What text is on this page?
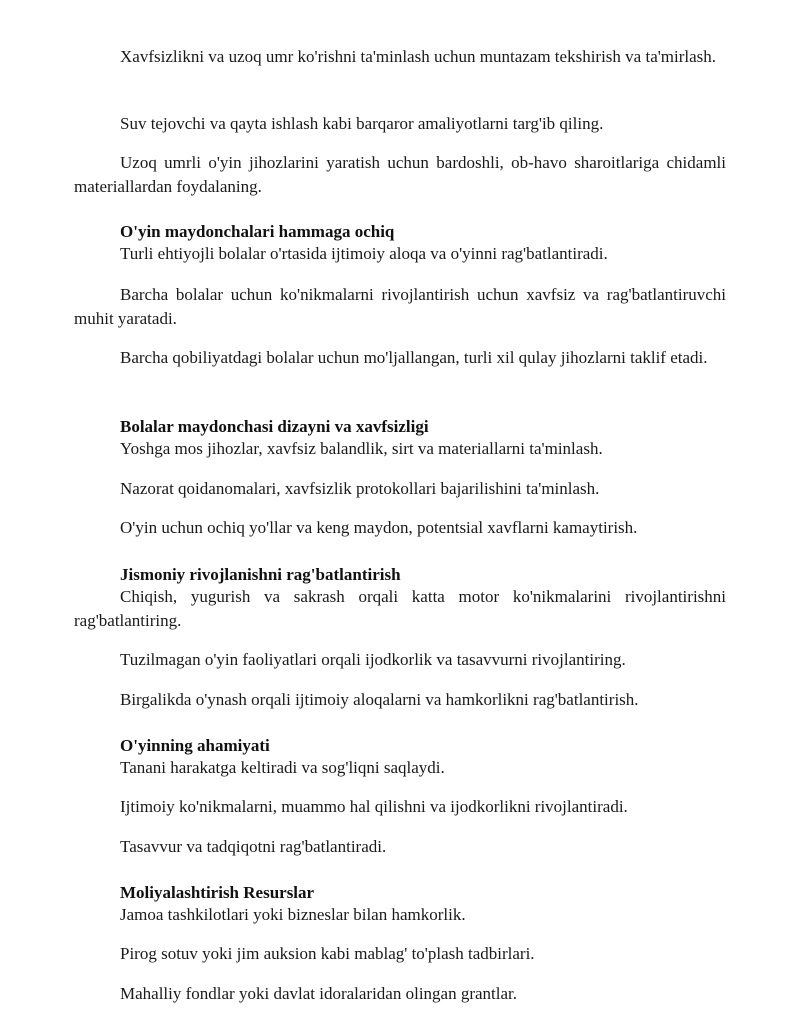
Xavfsizlikni va uzoq umr ko'rishni ta'minlash uchun muntazam tekshirish va ta'mirlash.

Suv tejovchi va qayta ishlash kabi barqaror amaliyotlarni targ'ib qiling.

Uzoq umrli o'yin jihozlarini yaratish uchun bardoshli, ob-havo sharoitlariga chidamli materiallardan foydalaning.

O'yin maydonchalari hammaga ochiq

Turli ehtiyojli bolalar o'rtasida ijtimoiy aloqa va o'yinni rag'batlantiradi.

Barcha bolalar uchun ko'nikmalarni rivojlantirish uchun xavfsiz va rag'batlantiruvchi muhit yaratadi.

Barcha qobiliyatdagi bolalar uchun mo'ljallangan, turli xil qulay jihozlarni taklif etadi.

Bolalar maydonchasi dizayni va xavfsizligi

Yoshga mos jihozlar, xavfsiz balandlik, sirt va materiallarni ta'minlash.

Nazorat qoidanomalari, xavfsizlik protokollari bajarilishini ta'minlash.

O'yin uchun ochiq yo'llar va keng maydon, potentsial xavflarni kamaytirish.

Jismoniy rivojlanishni rag'batlantirish

Chiqish, yugurish va sakrash orqali katta motor ko'nikmalarini rivojlantirishni rag'batlantiring.

Tuzilmagan o'yin faoliyatlari orqali ijodkorlik va tasavvurni rivojlantiring.

Birgalikda o'ynash orqali ijtimoiy aloqalarni va hamkorlikni rag'batlantirish.

O'yinning ahamiyati

Tanani harakatga keltiradi va sog'liqni saqlaydi.

Ijtimoiy ko'nikmalarni, muammo hal qilishni va ijodkorlikni rivojlantiradi.

Tasavvur va tadqiqotni rag'batlantiradi.

Moliyalashtirish Resurslar

Jamoa tashkilotlari yoki bizneslar bilan hamkorlik.

Pirog sotuv yoki jim auksion kabi mablag' to'plash tadbirlari.

Mahalliy fondlar yoki davlat idoralaridan olingan grantlar.
